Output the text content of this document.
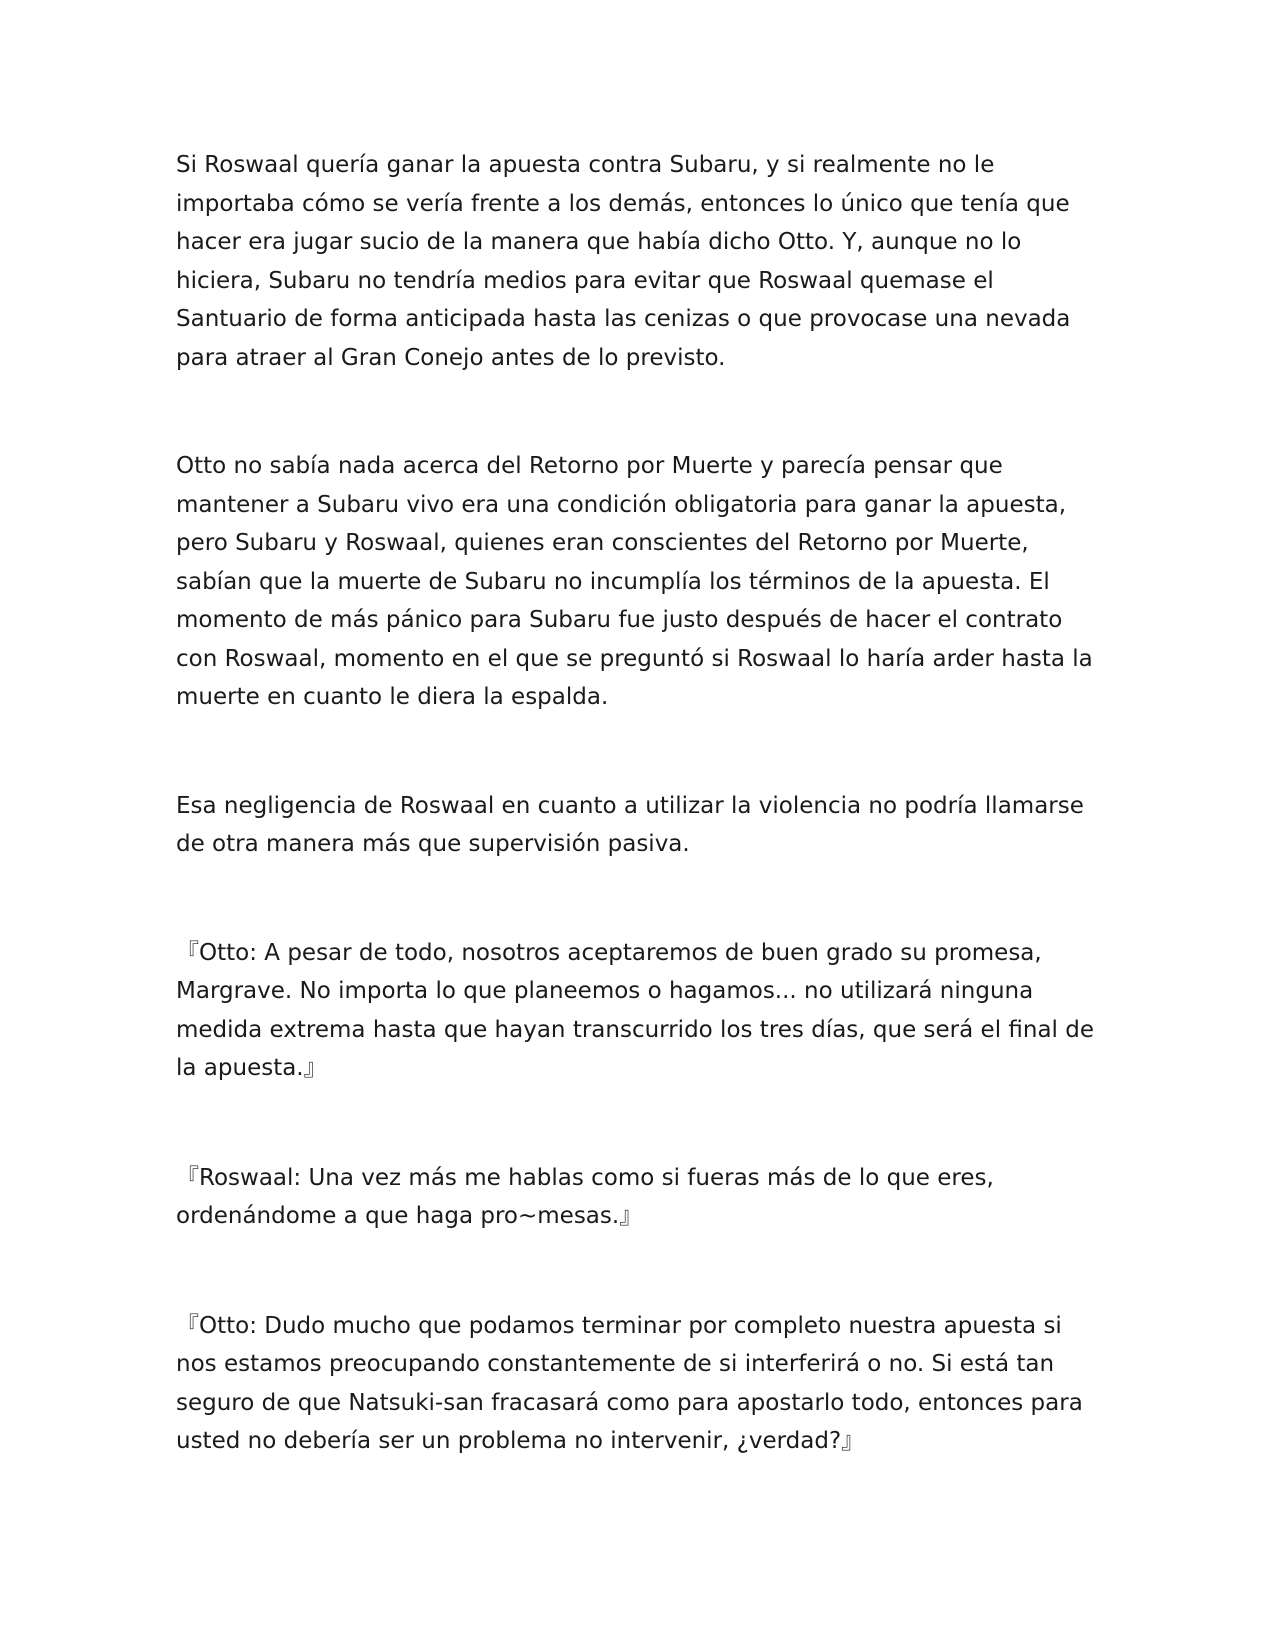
Si Roswaal quería ganar la apuesta contra Subaru, y si realmente no le importaba cómo se vería frente a los demás, entonces lo único que tenía que hacer era jugar sucio de la manera que había dicho Otto. Y, aunque no lo hiciera, Subaru no tendría medios para evitar que Roswaal quemase el Santuario de forma anticipada hasta las cenizas o que provocase una nevada para atraer al Gran Conejo antes de lo previsto.

Otto no sabía nada acerca del Retorno por Muerte y parecía pensar que mantener a Subaru vivo era una condición obligatoria para ganar la apuesta, pero Subaru y Roswaal, quienes eran conscientes del Retorno por Muerte, sabían que la muerte de Subaru no incumplía los términos de la apuesta. El momento de más pánico para Subaru fue justo después de hacer el contrato con Roswaal, momento en el que se preguntó si Roswaal lo haría arder hasta la muerte en cuanto le diera la espalda.

Esa negligencia de Roswaal en cuanto a utilizar la violencia no podría llamarse de otra manera más que supervisión pasiva.

『Otto: A pesar de todo, nosotros aceptaremos de buen grado su promesa, Margrave. No importa lo que planeemos o hagamos... no utilizará ninguna medida extrema hasta que hayan transcurrido los tres días, que será el final de la apuesta.』

『Roswaal: Una vez más me hablas como si fueras más de lo que eres, ordenándome a que haga pro~mesas.』

『Otto: Dudo mucho que podamos terminar por completo nuestra apuesta si nos estamos preocupando constantemente de si interferirá o no. Si está tan seguro de que Natsuki-san fracasará como para apostarlo todo, entonces para usted no debería ser un problema no intervenir, ¿verdad?』
